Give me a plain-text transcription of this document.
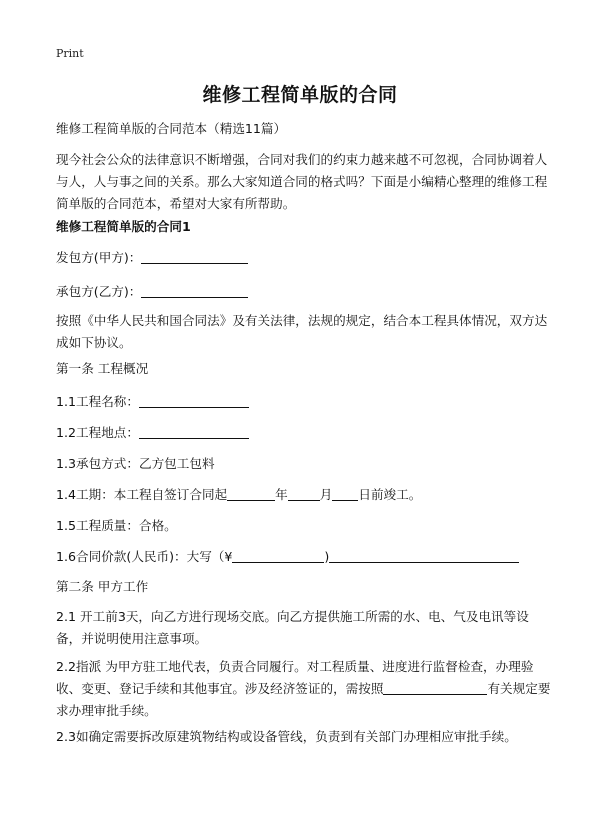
Print
维修工程简单版的合同
维修工程简单版的合同范本（精选11篇）
现今社会公众的法律意识不断增强，合同对我们的约束力越来越不可忽视，合同协调着人与人，人与事之间的关系。那么大家知道合同的格式吗？下面是小编精心整理的维修工程简单版的合同范本，希望对大家有所帮助。
维修工程简单版的合同1
发包方(甲方)：
承包方(乙方)：
按照《中华人民共和国合同法》及有关法律，法规的规定，结合本工程具体情况，双方达成如下协议。
第一条 工程概况
1.1工程名称：
1.2工程地点：
1.3承包方式：乙方包工包料
1.4工期：本工程自签订合同起	年	月 日前竣工。
1.5工程质量：合格。
1.6合同价款(人民币)：大写（¥	)
第二条 甲方工作
2.1 开工前3天，向乙方进行现场交底。向乙方提供施工所需的水、电、气及电讯等设备，并说明使用注意事项。
2.2指派 为甲方驻工地代表，负责合同履行。对工程质量、进度进行监督检查，办理验收、变更、登记手续和其他事宜。涉及经济签证的，需按照	有关规定要求办理审批手续。
2.3如确定需要拆改原建筑物结构或设备管线，负责到有关部门办理相应审批手续。
